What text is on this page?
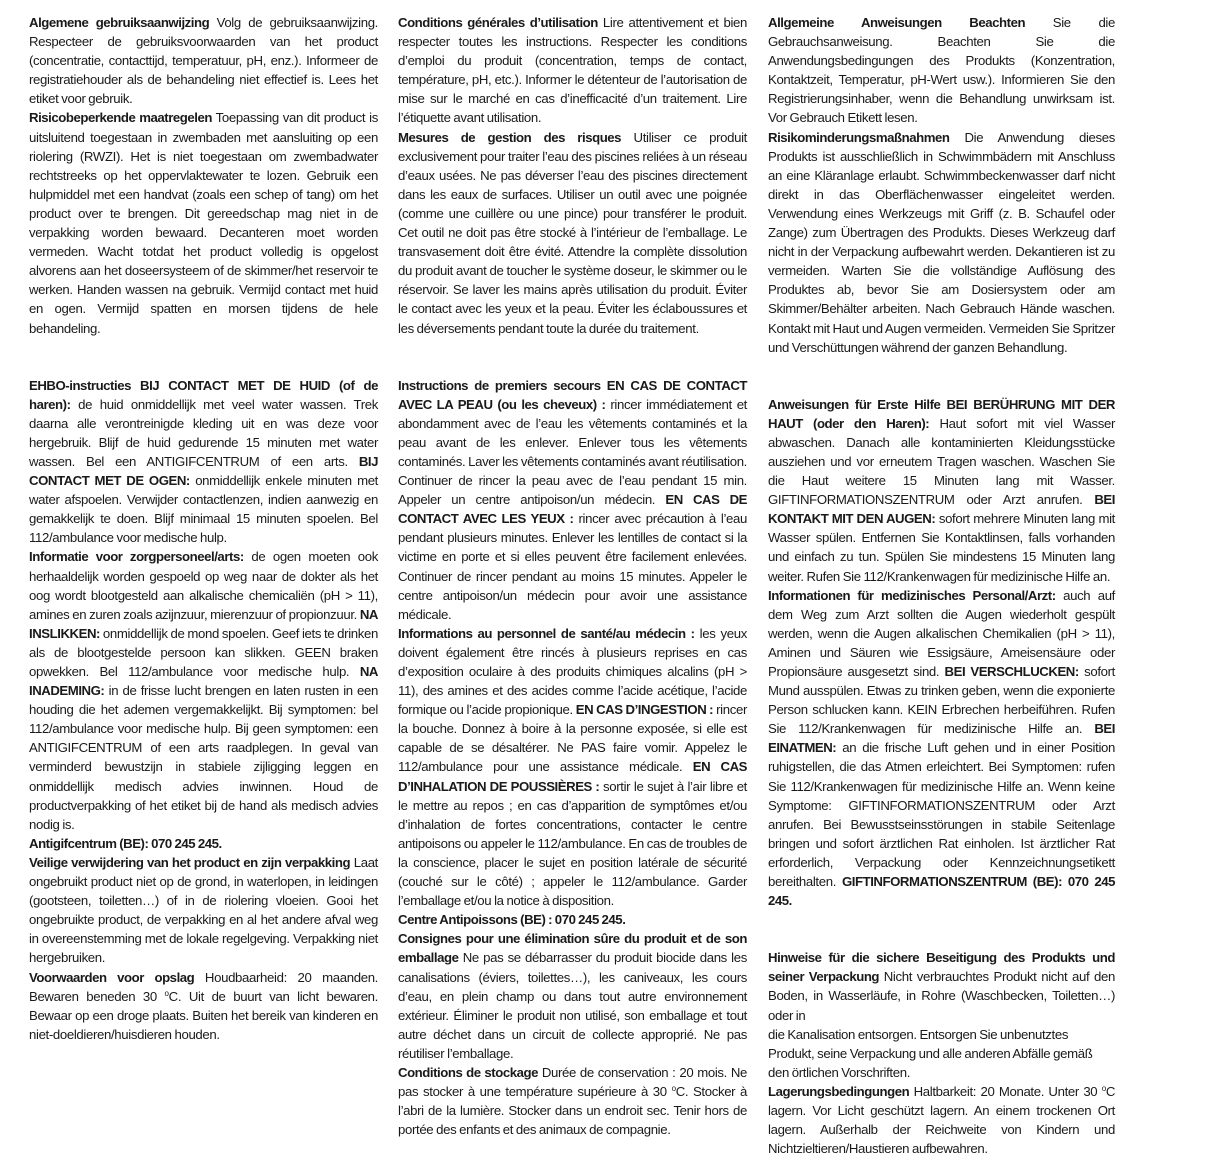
Algemene gebruiksaanwijzing Volg de gebruiksaanwijzing. Respecteer de gebruiksvoorwaarden van het product (concentratie, contacttijd, temperatuur, pH, enz.). Informeer de registratiehouder als de behandeling niet effectief is. Lees het etiket voor gebruik.

Risicobeperkende maatregelen Toepassing van dit product is uitsluitend toegestaan in zwembaden met aansluiting op een riolering (RWZI). Het is niet toegestaan om zwembadwater rechtstreeks op het oppervlaktewater te lozen. Gebruik een hulpmiddel met een handvat (zoals een schep of tang) om het product over te brengen. Dit gereedschap mag niet in de verpakking worden bewaard. Decanteren moet worden vermeden. Wacht totdat het product volledig is opgelost alvorens aan het doseersysteem of de skimmer/het reservoir te werken. Handen wassen na gebruik. Vermijd contact met huid en ogen. Vermijd spatten en morsen tijdens de hele behandeling.

EHBO-instructies BIJ CONTACT MET DE HUID (of de haren): de huid onmiddellijk met veel water wassen. Trek daarna alle verontreinigde kleding uit en was deze voor hergebruik. Blijf de huid gedurende 15 minuten met water wassen. Bel een ANTIGIFCENTRUM of een arts. BIJ CONTACT MET DE OGEN: onmiddellijk enkele minuten met water afspoelen. Verwijder contactlenzen, indien aanwezig en gemakkelijk te doen. Blijf minimaal 15 minuten spoelen. Bel 112/ambulance voor medische hulp.

Informatie voor zorgpersoneel/arts: de ogen moeten ook herhaaldelijk worden gespoeld op weg naar de dokter als het oog wordt blootgesteld aan alkalische chemicaliën (pH > 11), amines en zuren zoals azijnzuur, mierenzuur of propionzuur. NA INSLIKKEN: onmiddellijk de mond spoelen. Geef iets te drinken als de blootgestelde persoon kan slikken. GEEN braken opwekken. Bel 112/ambulance voor medische hulp. NA INADEMING: in de frisse lucht brengen en laten rusten in een houding die het ademen vergemakkelijkt. Bij symptomen: bel 112/ambulance voor medische hulp. Bij geen symptomen: een ANTIGIFCENTRUM of een arts raadplegen. In geval van verminderd bewustzijn in stabiele zijligging leggen en onmiddellijk medisch advies inwinnen. Houd de productverpakking of het etiket bij de hand als medisch advies nodig is.

Antigifcentrum (BE): 070 245 245.

Veilige verwijdering van het product en zijn verpakking Laat ongebruikt product niet op de grond, in waterlopen, in leidingen (gootsteen, toiletten…) of in de riolering vloeien. Gooi het ongebruikte product, de verpakking en al het andere afval weg in overeenstemming met de lokale regelgeving. Verpakking niet hergebruiken.

Voorwaarden voor opslag Houdbaarheid: 20 maanden. Bewaren beneden 30 $^o$C. Uit de buurt van licht bewaren. Bewaar op een droge plaats. Buiten het bereik van kinderen en niet-doeldieren/huisdieren houden.

Conditions générales d’utilisation Lire attentivement et bien respecter toutes les instructions. Respecter les conditions d’emploi du produit (concentration, temps de contact, température, pH, etc.). Informer le détenteur de l’autorisation de mise sur le marché en cas d’inefficacité d’un traitement. Lire l’étiquette avant utilisation.

Mesures de gestion des risques Utiliser ce produit exclusivement pour traiter l’eau des piscines reliées à un réseau d’eaux usées. Ne pas déverser l’eau des piscines directement dans les eaux de surfaces. Utiliser un outil avec une poignée (comme une cuillère ou une pince) pour transférer le produit. Cet outil ne doit pas être stocké à l’intérieur de l’emballage. Le transvasement doit être évité. Attendre la complète dissolution du produit avant de toucher le système doseur, le skimmer ou le réservoir. Se laver les mains après utilisation du produit. Éviter le contact avec les yeux et la peau. Éviter les éclaboussures et les déversements pendant toute la durée du traitement.

Instructions de premiers secours EN CAS DE CONTACT AVEC LA PEAU (ou les cheveux) : rincer immédiatement et abondamment avec de l’eau les vêtements contaminés et la peau avant de les enlever. Enlever tous les vêtements contaminés. Laver les vêtements contaminés avant réutilisation. Continuer de rincer la peau avec de l’eau pendant 15 min. Appeler un centre antipoison/un médecin. EN CAS DE CONTACT AVEC LES YEUX : rincer avec précaution à l’eau pendant plusieurs minutes. Enlever les lentilles de contact si la victime en porte et si elles peuvent être facilement enlevées. Continuer de rincer pendant au moins 15 minutes. Appeler le centre antipoison/un médecin pour avoir une assistance médicale.

Informations au personnel de santé/au médecin : les yeux doivent également être rincés à plusieurs reprises en cas d’exposition oculaire à des produits chimiques alcalins (pH > 11), des amines et des acides comme l’acide acétique, l’acide formique ou l’acide propionique. EN CAS D’INGESTION : rincer la bouche. Donnez à boire à la personne exposée, si elle est capable de se désaltérer. Ne PAS faire vomir. Appelez le 112/ambulance pour une assistance médicale. EN CAS D’INHALATION DE POUSSIÈRES : sortir le sujet à l’air libre et le mettre au repos ; en cas d’apparition de symptômes et/ou d’inhalation de fortes concentrations, contacter le centre antipoisons ou appeler le 112/ambulance. En cas de troubles de la conscience, placer le sujet en position latérale de sécurité (couché sur le côté) ; appeler le 112/ambulance. Garder l’emballage et/ou la notice à disposition.

Centre Antipoissons (BE) : 070 245 245.

Consignes pour une élimination sûre du produit et de son emballage Ne pas se débarrasser du produit biocide dans les canalisations (éviers, toilettes…), les caniveaux, les cours d’eau, en plein champ ou dans tout autre environnement extérieur. Éliminer le produit non utilisé, son emballage et tout autre déchet dans un circuit de collecte approprié. Ne pas réutiliser l’emballage.

Conditions de stockage Durée de conservation : 20 mois. Ne pas stocker à une température supérieure à 30 $^o$C. Stocker à l’abri de la lumière. Stocker dans un endroit sec. Tenir hors de portée des enfants et des animaux de compagnie.

Allgemeine Anweisungen Beachten Sie die Gebrauchsanweisung. Beachten Sie die Anwendungsbedingungen des Produkts (Konzentration, Kontaktzeit, Temperatur, pH-Wert usw.). Informieren Sie den Registrierungsinhaber, wenn die Behandlung unwirksam ist. Vor Gebrauch Etikett lesen.

Risikominderungsmaßnahmen Die Anwendung dieses Produkts ist ausschließlich in Schwimmbädern mit Anschluss an eine Kläranlage erlaubt. Schwimmbeckenwasser darf nicht direkt in das Oberflächenwasser eingeleitet werden. Verwendung eines Werkzeugs mit Griff (z. B. Schaufel oder Zange) zum Übertragen des Produkts. Dieses Werkzeug darf nicht in der Verpackung aufbewahrt werden. Dekantieren ist zu vermeiden. Warten Sie die vollständige Auflösung des Produktes ab, bevor Sie am Dosiersystem oder am Skimmer/Behälter arbeiten. Nach Gebrauch Hände waschen. Kontakt mit Haut und Augen vermeiden. Vermeiden Sie Spritzer und Verschüttungen während der ganzen Behandlung.

Anweisungen für Erste Hilfe BEI BERÜHRUNG MIT DER HAUT (oder den Haren): Haut sofort mit viel Wasser abwaschen. Danach alle kontaminierten Kleidungsstücke ausziehen und vor erneutem Tragen waschen. Waschen Sie die Haut weitere 15 Minuten lang mit Wasser. GIFTINFORMATIONSZENTRUM oder Arzt anrufen. BEI KONTAKT MIT DEN AUGEN: sofort mehrere Minuten lang mit Wasser spülen. Entfernen Sie Kontaktlinsen, falls vorhanden und einfach zu tun. Spülen Sie mindestens 15 Minuten lang weiter. Rufen Sie 112/Krankenwagen für medizinische Hilfe an.

Informationen für medizinisches Personal/Arzt: auch auf dem Weg zum Arzt sollten die Augen wiederholt gespült werden, wenn die Augen alkalischen Chemikalien (pH > 11), Aminen und Säuren wie Essigsäure, Ameisensäure oder Propionsäure ausgesetzt sind. BEI VERSCHLUCKEN: sofort Mund ausspülen. Etwas zu trinken geben, wenn die exponierte Person schlucken kann. KEIN Erbrechen herbeiführen. Rufen Sie 112/Krankenwagen für medizinische Hilfe an. BEI EINATMEN: an die frische Luft gehen und in einer Position ruhigstellen, die das Atmen erleichtert. Bei Symptomen: rufen Sie 112/Krankenwagen für medizinische Hilfe an. Wenn keine Symptome: GIFTINFORMATIONSZENTRUM oder Arzt anrufen. Bei Bewusstseinsstörungen in stabile Seitenlage bringen und sofort ärztlichen Rat einholen. Ist ärztlicher Rat erforderlich, Verpackung oder Kennzeichnungsetikett bereithalten. GIFTINFORMATIONSZENTRUM (BE): 070 245 245.

Hinweise für die sichere Beseitigung des Produkts und seiner Verpackung Nicht verbrauchtes Produkt nicht auf den Boden, in Wasserläufe, in Rohre (Waschbecken, Toiletten…) oder in

die Kanalisation entsorgen. Entsorgen Sie unbenutztes Produkt, seine Verpackung und alle anderen Abfälle gemäß den örtlichen Vorschriften.

Lagerungsbedingungen Haltbarkeit: 20 Monate. Unter 30 $^o$C lagern. Vor Licht geschützt lagern. An einem trockenen Ort lagern. Außerhalb der Reichweite von Kindern und Nichtzieltieren/Haustieren aufbewahren.
